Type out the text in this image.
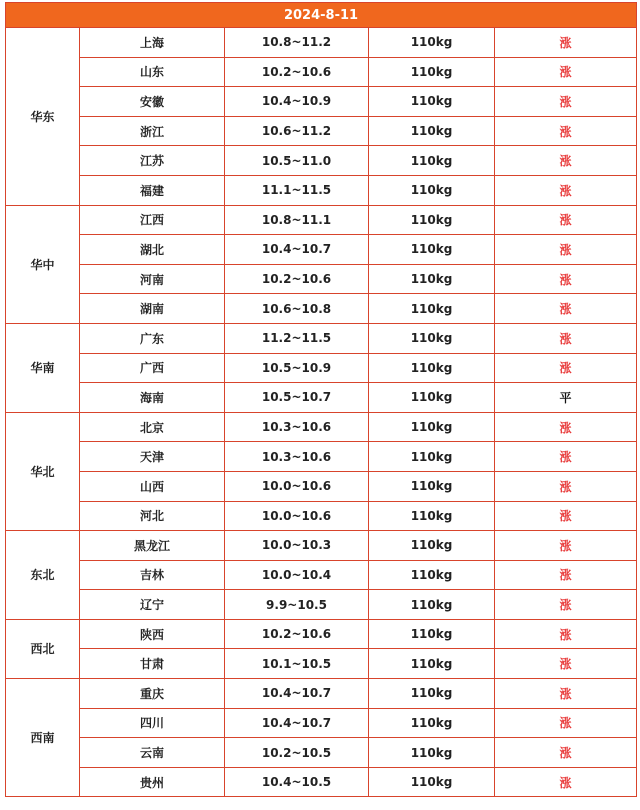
2024-8-11				
华东	上海	10.8~11.2	110kg	涨
	山东	10.2~10.6	110kg	涨
	安徽	10.4~10.9	110kg	涨
	浙江	10.6~11.2	110kg	涨
	江苏	10.5~11.0	110kg	涨
	福建	11.1~11.5	110kg	涨
华中	江西	10.8~11.1	110kg	涨
	湖北	10.4~10.7	110kg	涨
	河南	10.2~10.6	110kg	涨
	湖南	10.6~10.8	110kg	涨
华南	广东	11.2~11.5	110kg	涨
	广西	10.5~10.9	110kg	涨
	海南	10.5~10.7	110kg	平
华北	北京	10.3~10.6	110kg	涨
	天津	10.3~10.6	110kg	涨
	山西	10.0~10.6	110kg	涨
	河北	10.0~10.6	110kg	涨
东北	黑龙江	10.0~10.3	110kg	涨
	吉林	10.0~10.4	110kg	涨
	辽宁	9.9~10.5	110kg	涨
西北	陕西	10.2~10.6	110kg	涨
	甘肃	10.1~10.5	110kg	涨
西南	重庆	10.4~10.7	110kg	涨
	四川	10.4~10.7	110kg	涨
	云南	10.2~10.5	110kg	涨
	贵州	10.4~10.5	110kg	涨
